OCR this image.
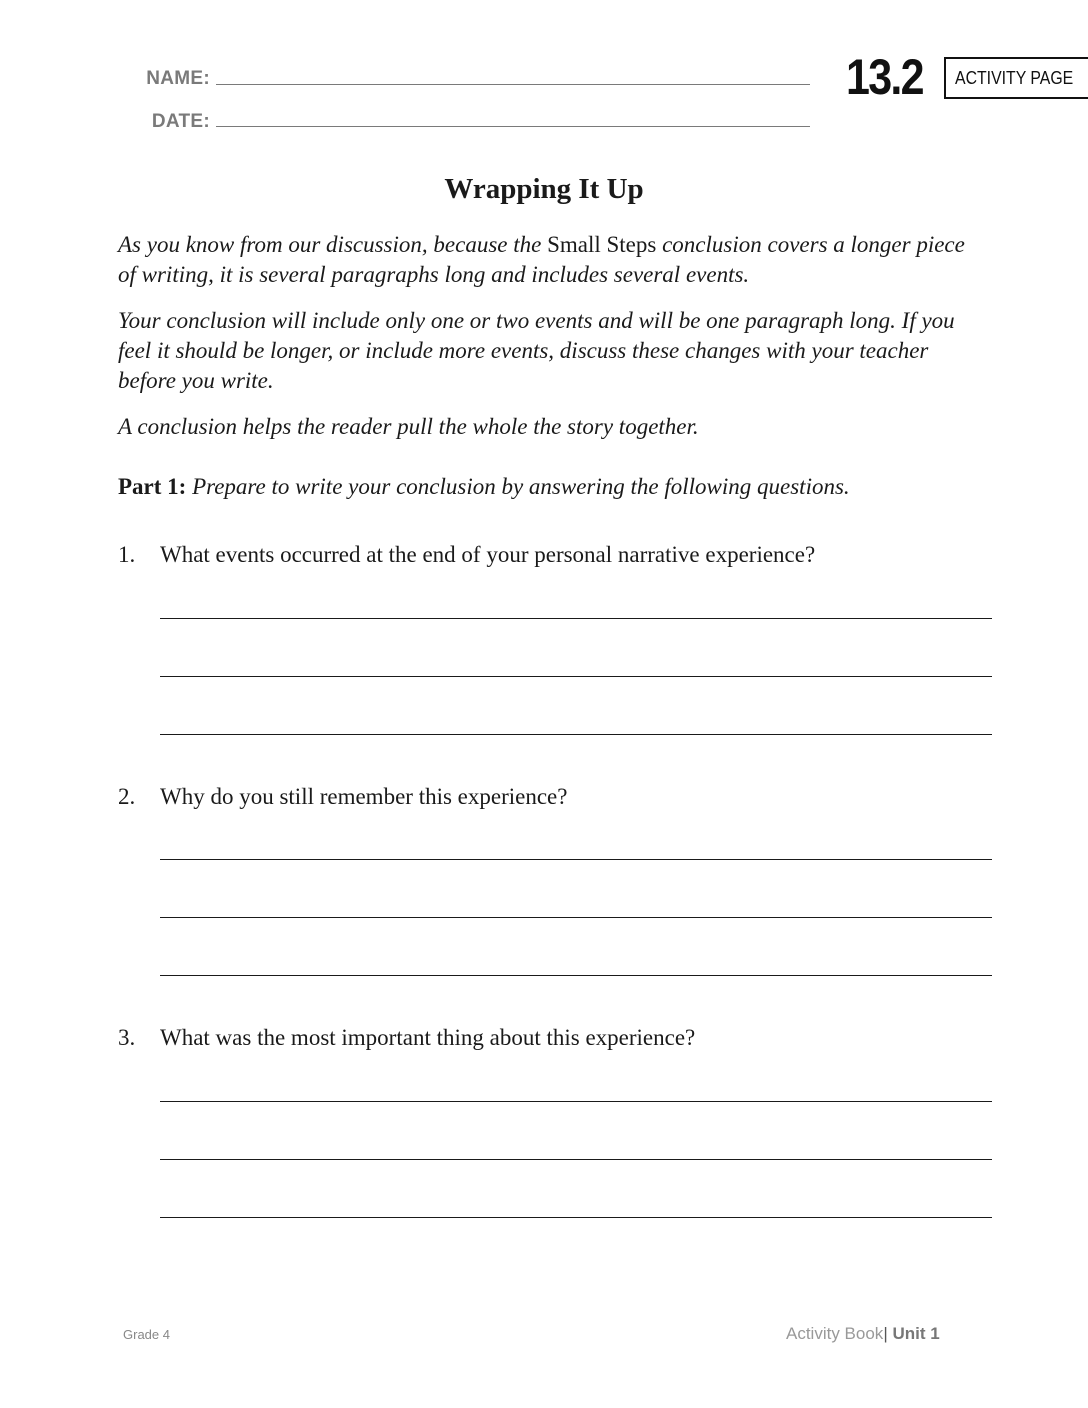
NAME:
DATE:
13.2 ACTIVITY PAGE
Wrapping It Up
As you know from our discussion, because the Small Steps conclusion covers a longer piece of writing, it is several paragraphs long and includes several events.
Your conclusion will include only one or two events and will be one paragraph long. If you feel it should be longer, or include more events, discuss these changes with your teacher before you write.
A conclusion helps the reader pull the whole the story together.
Part 1: Prepare to write your conclusion by answering the following questions.
1. What events occurred at the end of your personal narrative experience?
2. Why do you still remember this experience?
3. What was the most important thing about this experience?
Grade 4	Activity Book| Unit 1
